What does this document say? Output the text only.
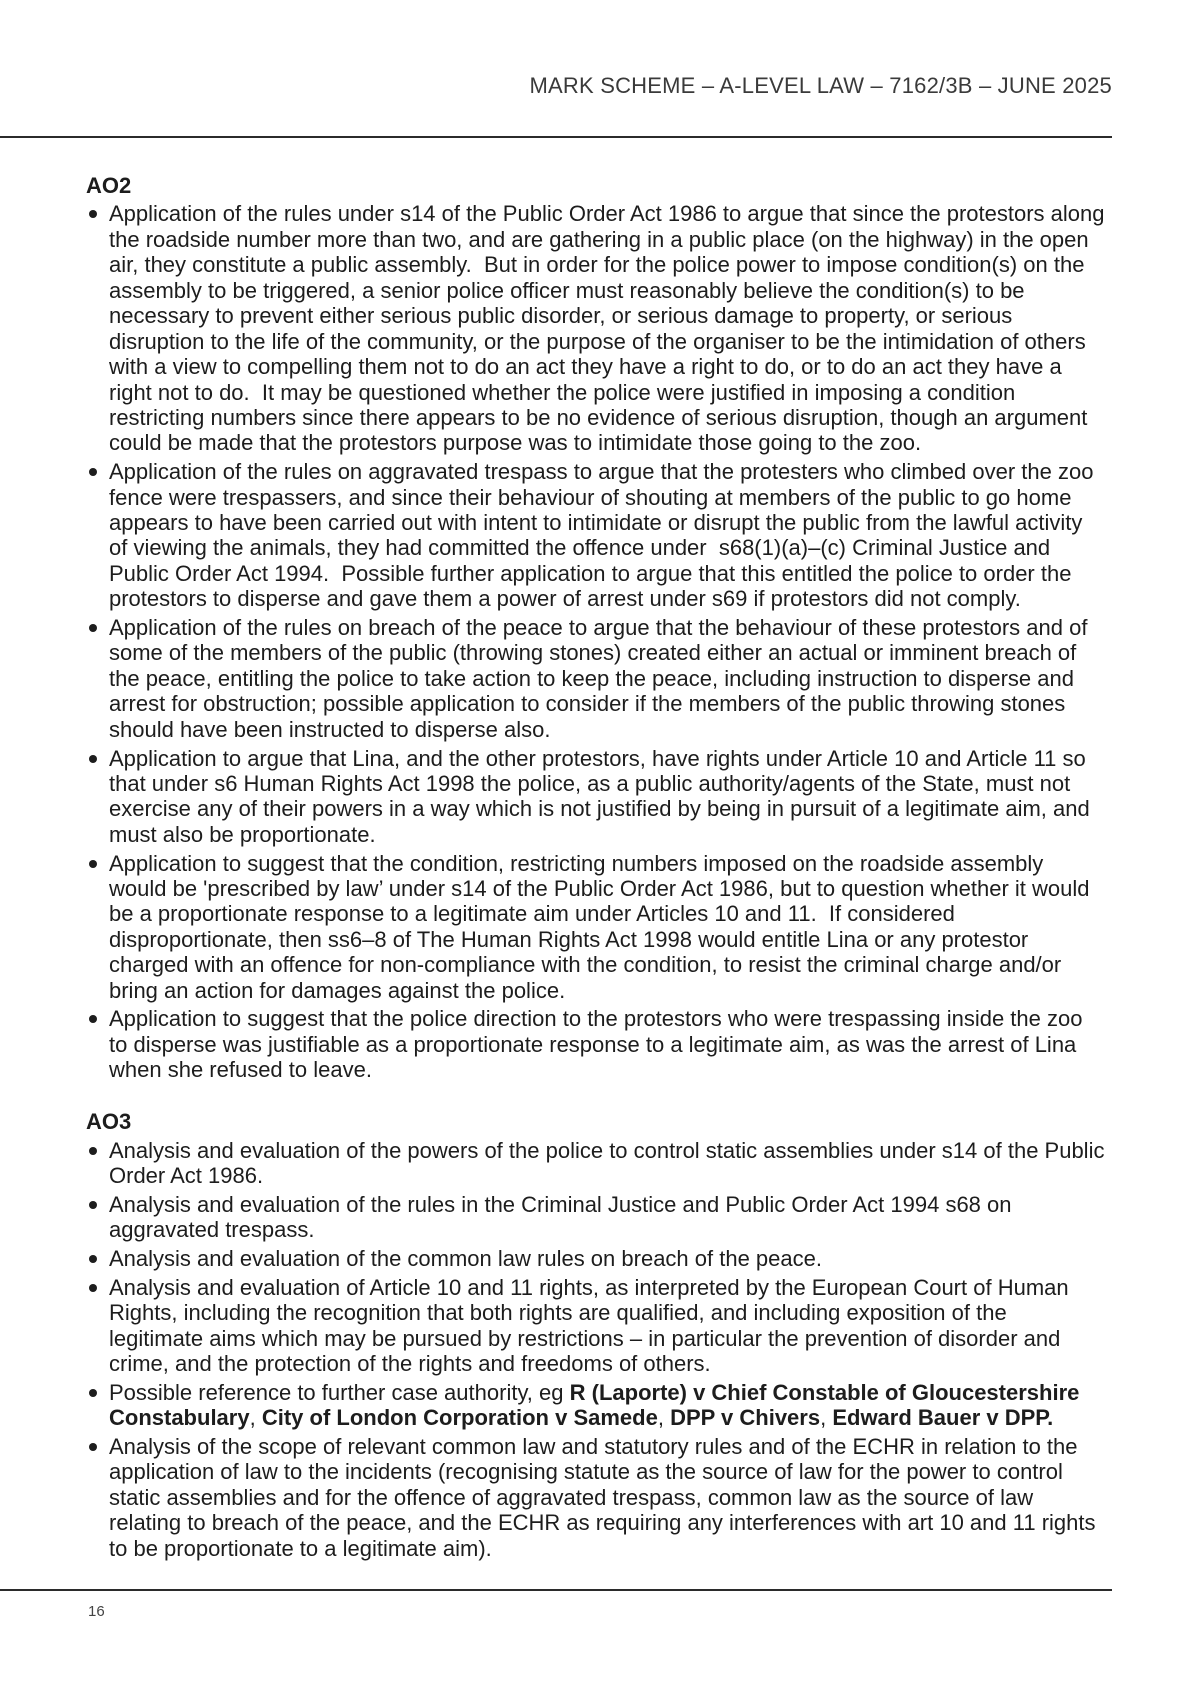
MARK SCHEME – A-LEVEL LAW – 7162/3B – JUNE 2025
AO2
Application of the rules under s14 of the Public Order Act 1986 to argue that since the protestors along
the roadside number more than two, and are gathering in a public place (on the highway) in the open
air, they constitute a public assembly.  But in order for the police power to impose condition(s) on the
assembly to be triggered, a senior police officer must reasonably believe the condition(s) to be
necessary to prevent either serious public disorder, or serious damage to property, or serious
disruption to the life of the community, or the purpose of the organiser to be the intimidation of others
with a view to compelling them not to do an act they have a right to do, or to do an act they have a
right not to do.  It may be questioned whether the police were justified in imposing a condition
restricting numbers since there appears to be no evidence of serious disruption, though an argument
could be made that the protestors purpose was to intimidate those going to the zoo.
Application of the rules on aggravated trespass to argue that the protesters who climbed over the zoo
fence were trespassers, and since their behaviour of shouting at members of the public to go home
appears to have been carried out with intent to intimidate or disrupt the public from the lawful activity
of viewing the animals, they had committed the offence under  s68(1)(a)–(c) Criminal Justice and
Public Order Act 1994.  Possible further application to argue that this entitled the police to order the
protestors to disperse and gave them a power of arrest under s69 if protestors did not comply.
Application of the rules on breach of the peace to argue that the behaviour of these protestors and of
some of the members of the public (throwing stones) created either an actual or imminent breach of
the peace, entitling the police to take action to keep the peace, including instruction to disperse and
arrest for obstruction; possible application to consider if the members of the public throwing stones
should have been instructed to disperse also.
Application to argue that Lina, and the other protestors, have rights under Article 10 and Article 11 so
that under s6 Human Rights Act 1998 the police, as a public authority/agents of the State, must not
exercise any of their powers in a way which is not justified by being in pursuit of a legitimate aim, and
must also be proportionate.
Application to suggest that the condition, restricting numbers imposed on the roadside assembly
would be 'prescribed by law’ under s14 of the Public Order Act 1986, but to question whether it would
be a proportionate response to a legitimate aim under Articles 10 and 11.  If considered
disproportionate, then ss6–8 of The Human Rights Act 1998 would entitle Lina or any protestor
charged with an offence for non-compliance with the condition, to resist the criminal charge and/or
bring an action for damages against the police.
Application to suggest that the police direction to the protestors who were trespassing inside the zoo
to disperse was justifiable as a proportionate response to a legitimate aim, as was the arrest of Lina
when she refused to leave.
AO3
Analysis and evaluation of the powers of the police to control static assemblies under s14 of the Public
Order Act 1986.
Analysis and evaluation of the rules in the Criminal Justice and Public Order Act 1994 s68 on
aggravated trespass.
Analysis and evaluation of the common law rules on breach of the peace.
Analysis and evaluation of Article 10 and 11 rights, as interpreted by the European Court of Human
Rights, including the recognition that both rights are qualified, and including exposition of the
legitimate aims which may be pursued by restrictions – in particular the prevention of disorder and
crime, and the protection of the rights and freedoms of others.
Possible reference to further case authority, eg R (Laporte) v Chief Constable of Gloucestershire
Constabulary, City of London Corporation v Samede, DPP v Chivers, Edward Bauer v DPP.
Analysis of the scope of relevant common law and statutory rules and of the ECHR in relation to the
application of law to the incidents (recognising statute as the source of law for the power to control
static assemblies and for the offence of aggravated trespass, common law as the source of law
relating to breach of the peace, and the ECHR as requiring any interferences with art 10 and 11 rights
to be proportionate to a legitimate aim).
16
